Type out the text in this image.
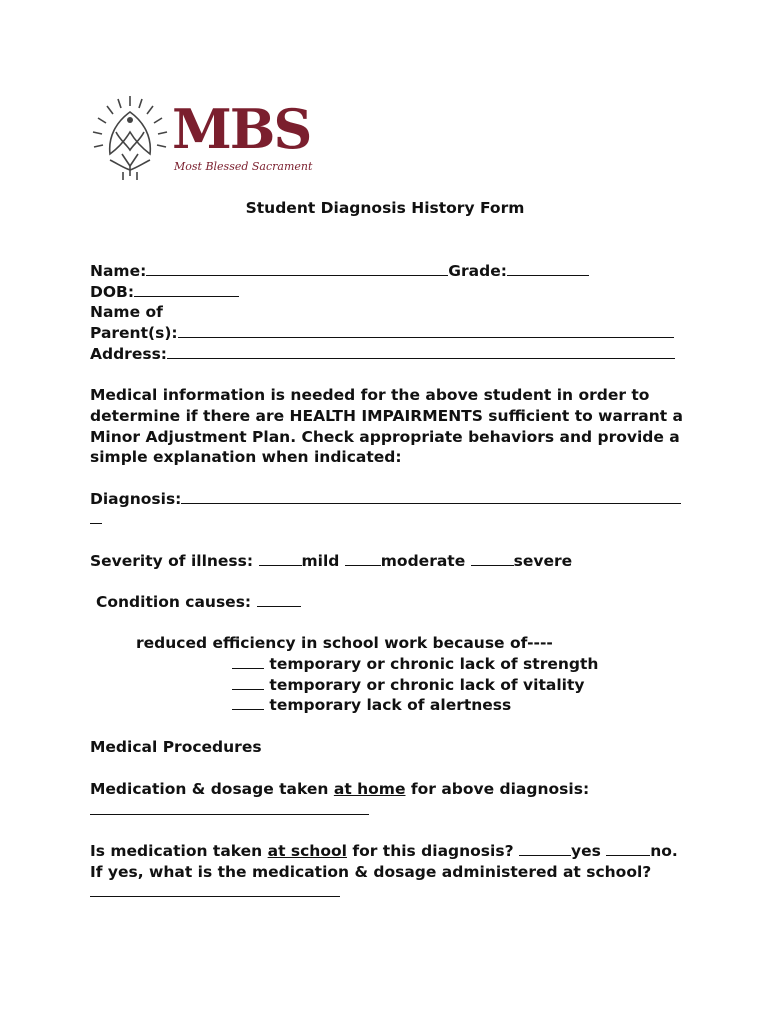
MBS
Most Blessed Sacrament
Student Diagnosis History Form
Name:	Grade:
DOB:
Name of
Parent(s):
Address:
Medical information is needed for the above student in order to
determine if there are HEALTH IMPAIRMENTS sufficient to warrant a
Minor Adjustment Plan. Check appropriate behaviors and provide a
simple explanation when indicated:
Diagnosis:
Severity of illness:	mild	moderate	severe
Condition causes:
reduced efficiency in school work because of----
temporary or chronic lack of strength
temporary or chronic lack of vitality
temporary lack of alertness
Medical Procedures
Medication & dosage taken at home for above diagnosis:
Is medication taken at school for this diagnosis?	yes	no.
If yes, what is the medication & dosage administered at school?
